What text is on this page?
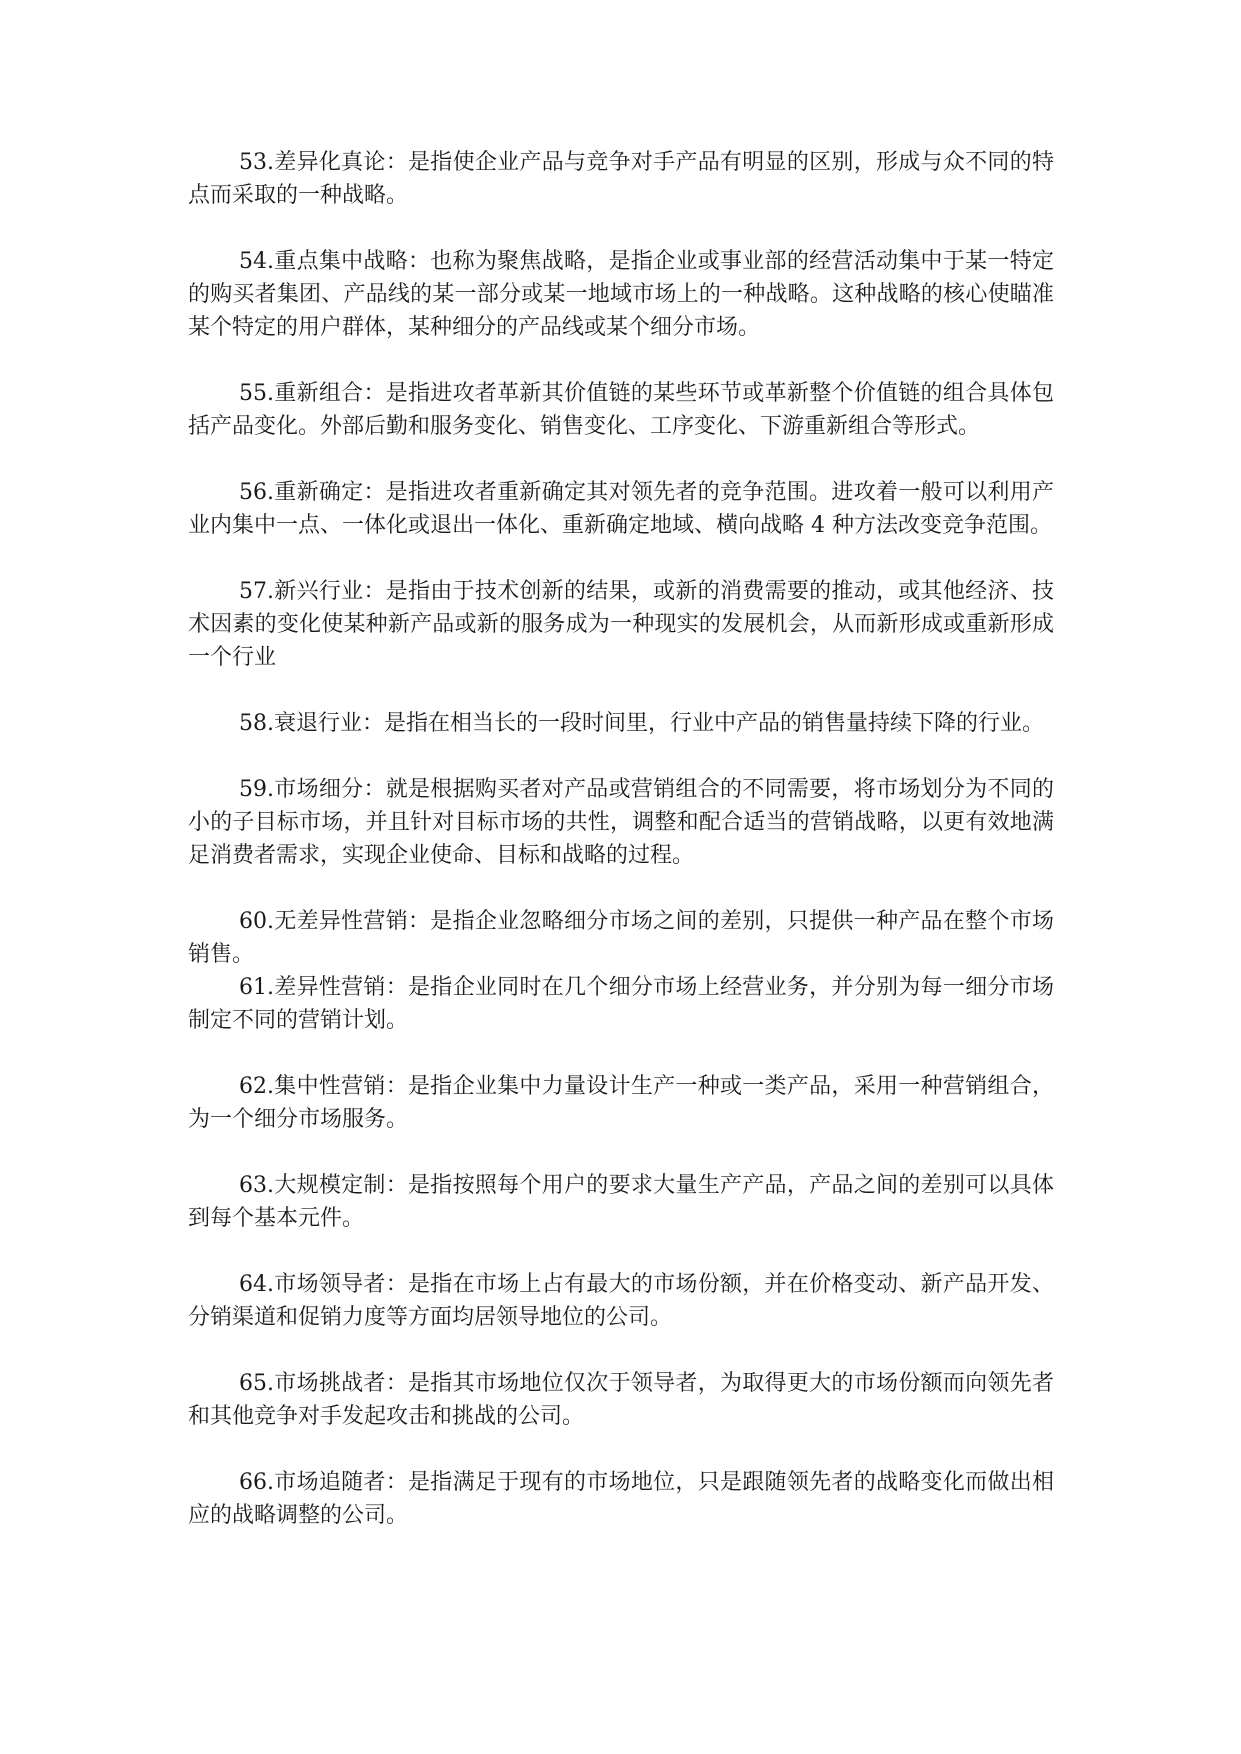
53.差异化真论：是指使企业产品与竞争对手产品有明显的区别，形成与众不同的特点而采取的一种战略。

54.重点集中战略：也称为聚焦战略，是指企业或事业部的经营活动集中于某一特定的购买者集团、产品线的某一部分或某一地域市场上的一种战略。这种战略的核心使瞄准某个特定的用户群体，某种细分的产品线或某个细分市场。

55.重新组合：是指进攻者革新其价值链的某些环节或革新整个价值链的组合具体包括产品变化。外部后勤和服务变化、销售变化、工序变化、下游重新组合等形式。

56.重新确定：是指进攻者重新确定其对领先者的竞争范围。进攻着一般可以利用产业内集中一点、一体化或退出一体化、重新确定地域、横向战略 4 种方法改变竞争范围。

57.新兴行业：是指由于技术创新的结果，或新的消费需要的推动，或其他经济、技术因素的变化使某种新产品或新的服务成为一种现实的发展机会，从而新形成或重新形成一个行业

58.衰退行业：是指在相当长的一段时间里，行业中产品的销售量持续下降的行业。

59.市场细分：就是根据购买者对产品或营销组合的不同需要，将市场划分为不同的小的子目标市场，并且针对目标市场的共性，调整和配合适当的营销战略，以更有效地满足消费者需求，实现企业使命、目标和战略的过程。

60.无差异性营销：是指企业忽略细分市场之间的差别，只提供一种产品在整个市场销售。

61.差异性营销：是指企业同时在几个细分市场上经营业务，并分别为每一细分市场制定不同的营销计划。

62.集中性营销：是指企业集中力量设计生产一种或一类产品，采用一种营销组合，为一个细分市场服务。

63.大规模定制：是指按照每个用户的要求大量生产产品，产品之间的差别可以具体到每个基本元件。

64.市场领导者：是指在市场上占有最大的市场份额，并在价格变动、新产品开发、分销渠道和促销力度等方面均居领导地位的公司。

65.市场挑战者：是指其市场地位仅次于领导者，为取得更大的市场份额而向领先者和其他竞争对手发起攻击和挑战的公司。

66.市场追随者：是指满足于现有的市场地位，只是跟随领先者的战略变化而做出相应的战略调整的公司。
